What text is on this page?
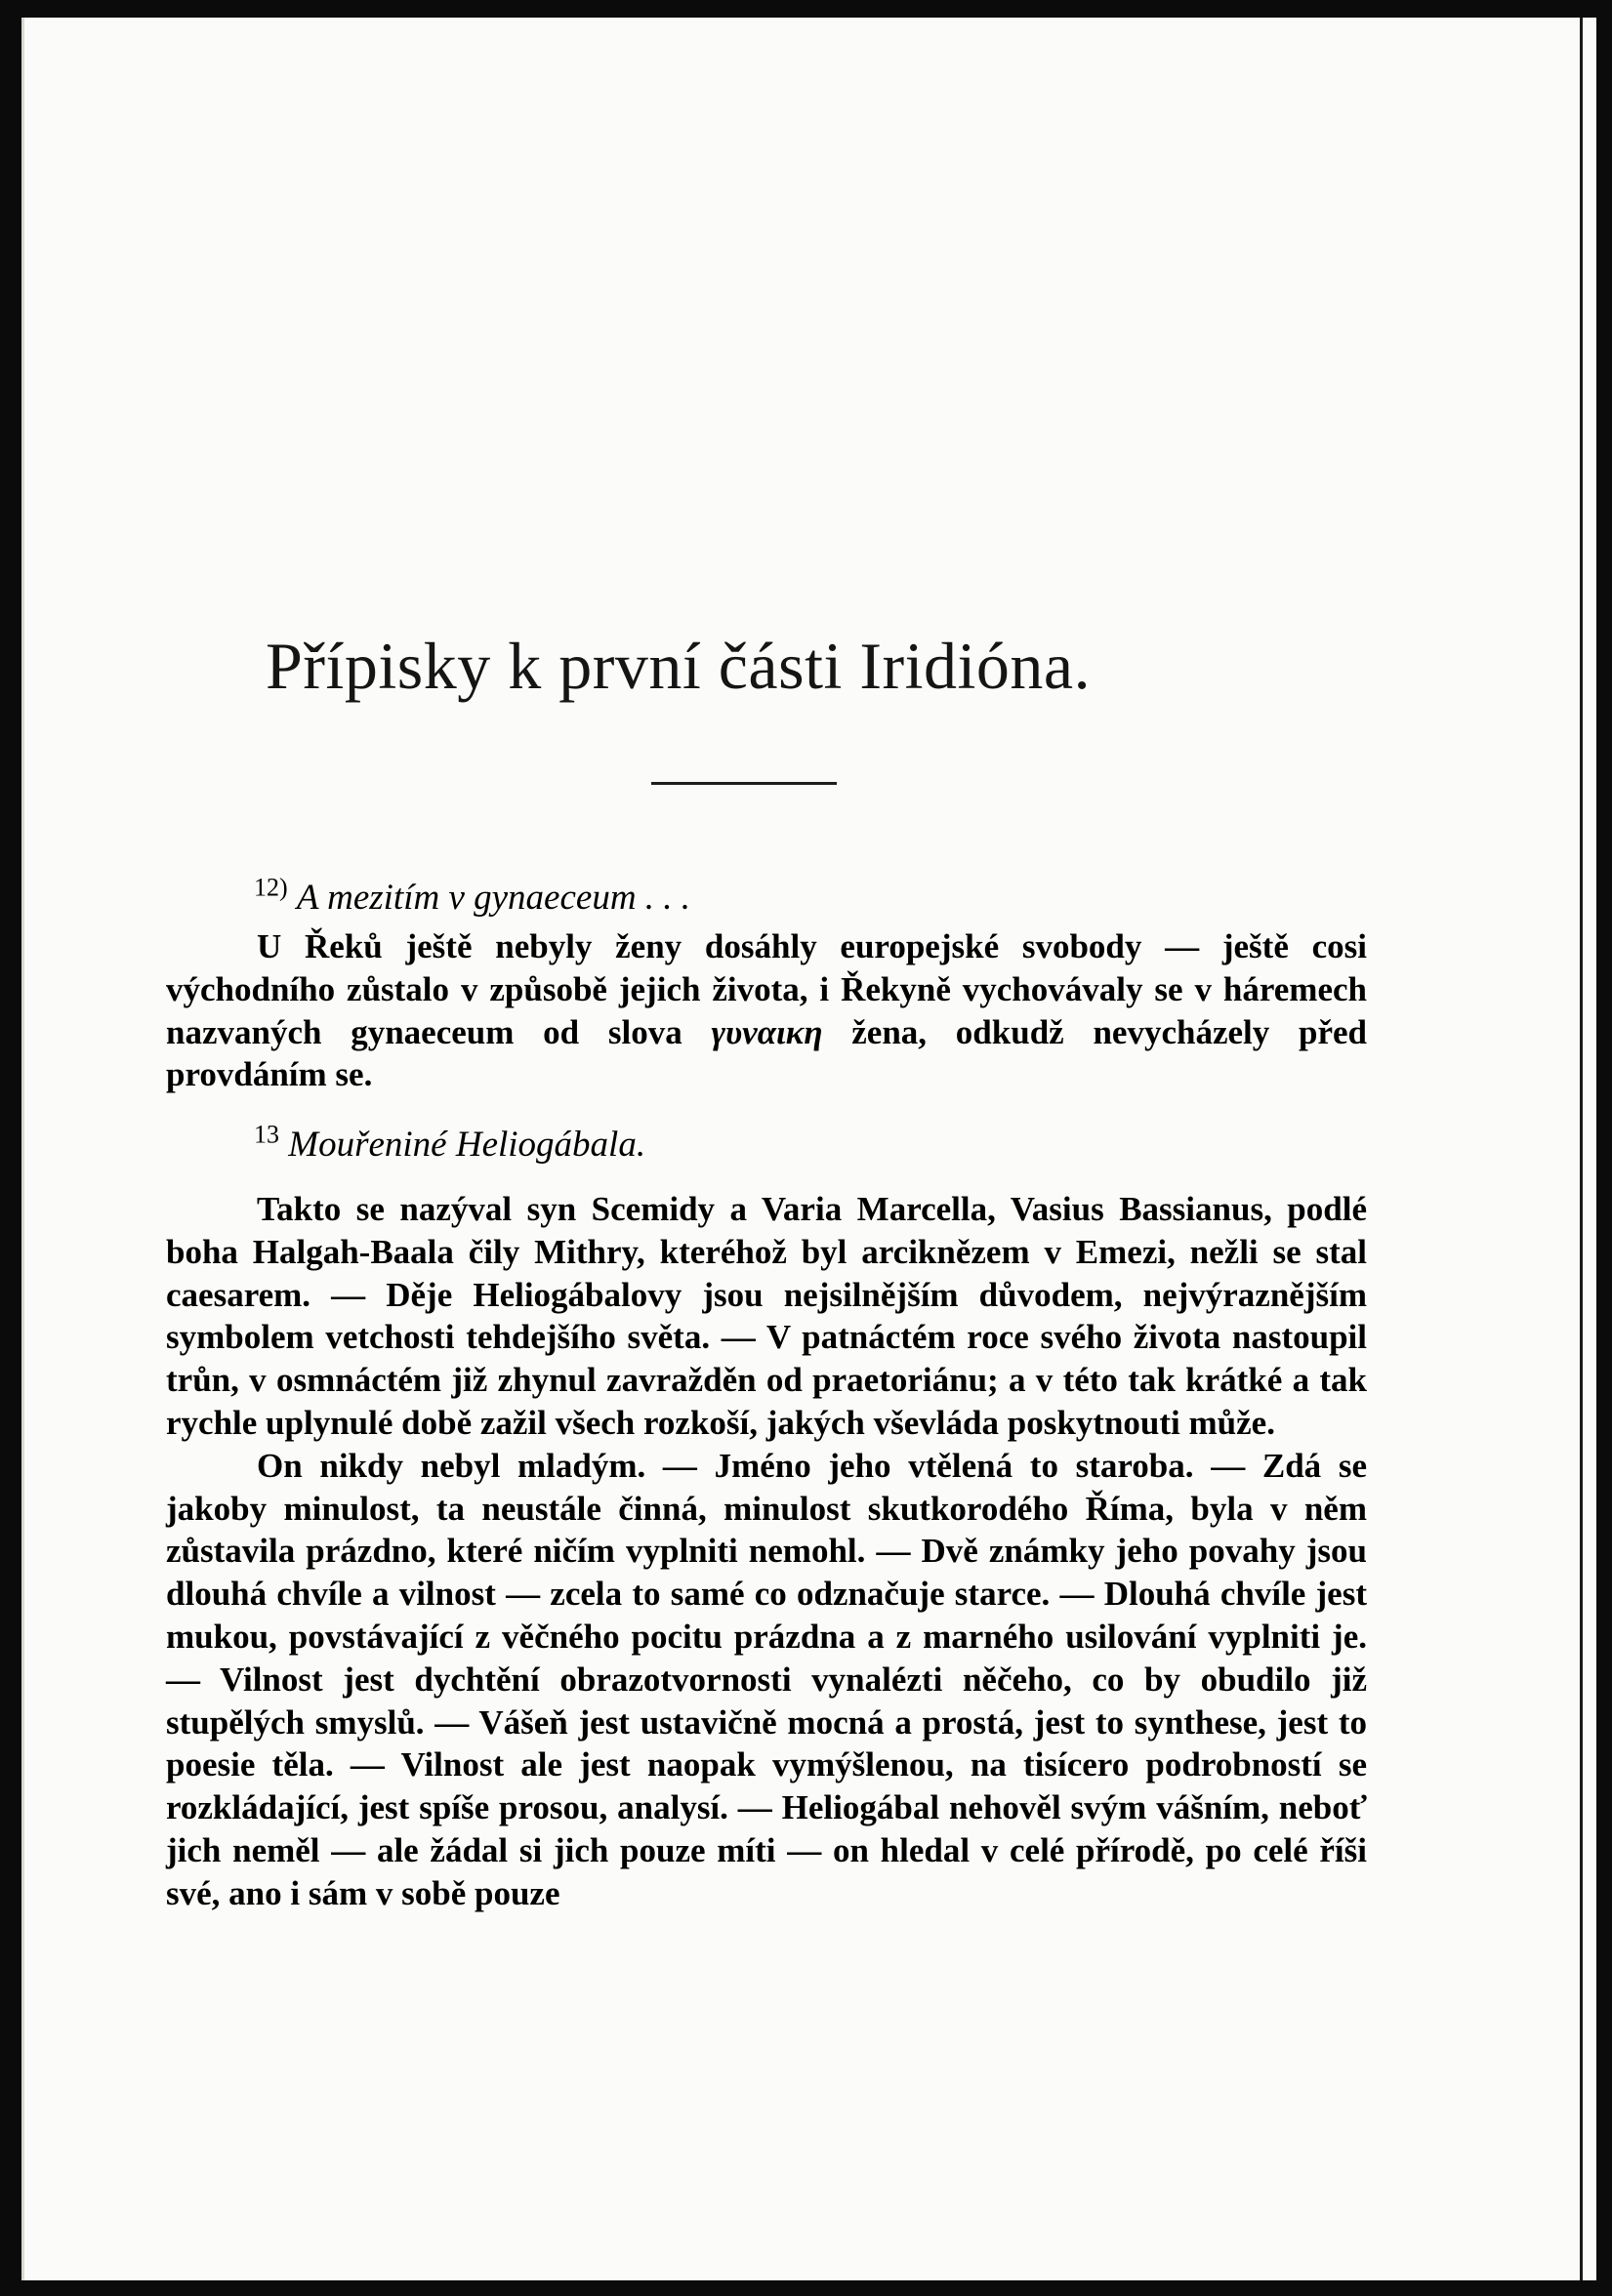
Přípisky k první části Iridióna.

$^{12)}$ A mezitím v gynaeceum . . .

U Řeků ještě nebyly ženy dosáhly europejské svobody — ještě cosi východního zůstalo v způsobě jejich života, i Řekyně vychovávaly se v háremech nazvaných gynaeceum od slova γυναικη žena, odkudž nevycházely před provdáním se.

$^{13}$ Mouřeniné Heliogábala.

Takto se nazýval syn Scemidy a Varia Marcella, Vasius Bassianus, podlé boha Halgah-Baala čily Mithry, kteréhož byl arciknězem v Emezi, nežli se stal caesarem. — Děje Heliogábalovy jsou nejsilnějším důvodem, nejvýraznějším symbolem vetchosti tehdejšího světa. — V patnáctém roce svého života nastoupil trůn, v osmnáctém již zhynul zavražděn od praetoriánu; a v této tak krátké a tak rychle uplynulé době zažil všech rozkoší, jakých vševláda poskytnouti může.

On nikdy nebyl mladým. — Jméno jeho vtělená to staroba. — Zdá se jakoby minulost, ta neustále činná, minulost skutkorodého Říma, byla v něm zůstavila prázdno, které ničím vyplniti nemohl. — Dvě známky jeho povahy jsou dlouhá chvíle a vilnost — zcela to samé co odznačuje starce. — Dlouhá chvíle jest mukou, povstávající z věčného pocitu prázdna a z marného usilování vyplniti je. — Vilnost jest dychtění obrazotvornosti vynalézti něčeho, co by obudilo již stupělých smyslů. — Vášeň jest ustavičně mocná a prostá, jest to synthese, jest to poesie těla. — Vilnost ale jest naopak vymýšlenou, na tisícero podrobností se rozkládající, jest spíše prosou, analysí. — Heliogábal nehověl svým vášním, neboť jich neměl — ale žádal si jich pouze míti — on hledal v celé přírodě, po celé říši své, ano i sám v sobě pouze
